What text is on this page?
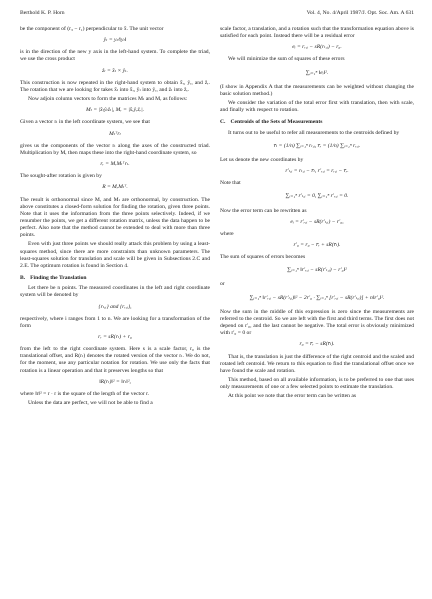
Berthold K. P. Horn	Vol. 4, No. 4/April 1987/J. Opt. Soc. Am. A 631

be the component of (r₃ − r₁) perpendicular to x̂. The unit vector

ŷₗ = yₗ/‖yₗ‖

is in the direction of the new y axis in the left-hand system. To complete the triad, we use the cross product

ẑₗ = x̂ₗ × ŷₗ.

This construction is now repeated in the right-hand system to obtain x̂ᵣ, ŷᵣ, and ẑᵣ. The rotation that we are looking for takes x̂ₗ into x̂ᵣ, ŷₗ into ŷᵣ, and ẑₗ into ẑᵣ.

Now adjoin column vectors to form the matrices Mₗ and Mᵣ as follows:

Mₗ = |x̂ₗŷₗẑₗ|, Mᵣ = |x̂ᵣŷᵣẑᵣ|.

Given a vector rₗ in the left coordinate system, we see that

Mₗᵀrₗ

gives us the components of the vector rₗ along the axes of the constructed triad. Multiplication by Mᵣ then maps these into the right-hand coordinate system, so

rᵣ = MᵣMₗᵀrₗ.

The sought-after rotation is given by

R = MᵣMₗᵀ.

The result is orthonormal since Mᵣ and Mₗ are orthonormal, by construction. The above constitutes a closed-form solution for finding the rotation, given three points. Note that it uses the information from the three points selectively. Indeed, if we renumber the points, we get a different rotation matrix, unless the data happen to be perfect. Also note that the method cannot be extended to deal with more than three points.

Even with just three points we should really attack this problem by using a least-squares method, since there are more constraints than unknown parameters. The least-squares solution for translation and scale will be given in Subsections 2.C and 2.E. The optimum rotation is found in Section 4.

B. Finding the Translation

Let there be n points. The measured coordinates in the left and right coordinate system will be denoted by

{rₗ,ᵢ} and {rᵣ,ᵢ},

respectively, where i ranges from 1 to n. We are looking for a transformation of the form

rᵣ = sR(rₗ) + r₀

from the left to the right coordinate system. Here s is a scale factor, r₀ is the translational offset, and R(rₗ) denotes the rotated version of the vector rₗ. We do not, for the moment, use any particular notation for rotation. We use only the facts that rotation is a linear operation and that it preserves lengths so that

‖R(rₗ)‖² = ‖rₗ‖²,

where ‖r‖² = r · r is the square of the length of the vector r.

Unless the data are perfect, we will not be able to find a

scale factor, a translation, and a rotation such that the transformation equation above is satisfied for each point. Instead there will be a residual error

eᵢ = rᵣ,ᵢ − sR(rₗ,ᵢ) − r₀.

We will minimize the sum of squares of these errors

∑ᵢ₌₁ⁿ ‖eᵢ‖².

(I show in Appendix A that the measurements can be weighted without changing the basic solution method.)

We consider the variation of the total error first with translation, then with scale, and finally with respect to rotation.

C. Centroids of the Sets of Measurements

It turns out to be useful to refer all measurements to the centroids defined by

r̅ₗ = (1/n) ∑ᵢ₌₁ⁿ rₗ,ᵢ, r̅ᵣ = (1/n) ∑ᵢ₌₁ⁿ rᵣ,ᵢ.

Let us denote the new coordinates by

r′ₗ,ᵢ = rₗ,ᵢ − r̅ₗ, r′ᵣ,ᵢ = rᵣ,ᵢ − r̅ᵣ.

Note that

∑ᵢ₌₁ⁿ r′ₗ,ᵢ = 0, ∑ᵢ₌₁ⁿ r′ᵣ,ᵢ = 0.

Now the error term can be rewritten as

eᵢ = r′ᵣ,ᵢ − sR(r′ₗ,ᵢ) − r′₀,

where

r′₀ = r₀ − r̅ᵣ + sR(r̅ₗ).

The sum of squares of errors becomes

∑ᵢ₌₁ⁿ ‖r′ᵣ,ᵢ − sR(r′ₗ,ᵢ) − r′₀‖²

or

∑ᵢ₌₁ⁿ ‖r′ᵣ,ᵢ − sR(r′ₗ,ᵢ)‖² − 2r′₀ · ∑ᵢ₌₁ⁿ [r′ᵣ,ᵢ − sR(r′ₗ,ᵢ)] + n‖r′₀‖².

Now the sum in the middle of this expression is zero since the measurements are referred to the centroid. So we are left with the first and third terms. The first does not depend on r′₀, and the last cannot be negative. The total error is obviously minimized with r′₀ = 0 or

r₀ = r̅ᵣ − sR(r̅ₗ).

That is, the translation is just the difference of the right centroid and the scaled and rotated left centroid. We return to this equation to find the translational offset once we have found the scale and rotation.

This method, based on all available information, is to be preferred to one that uses only measurements of one or a few selected points to estimate the translation.

At this point we note that the error term can be written as
